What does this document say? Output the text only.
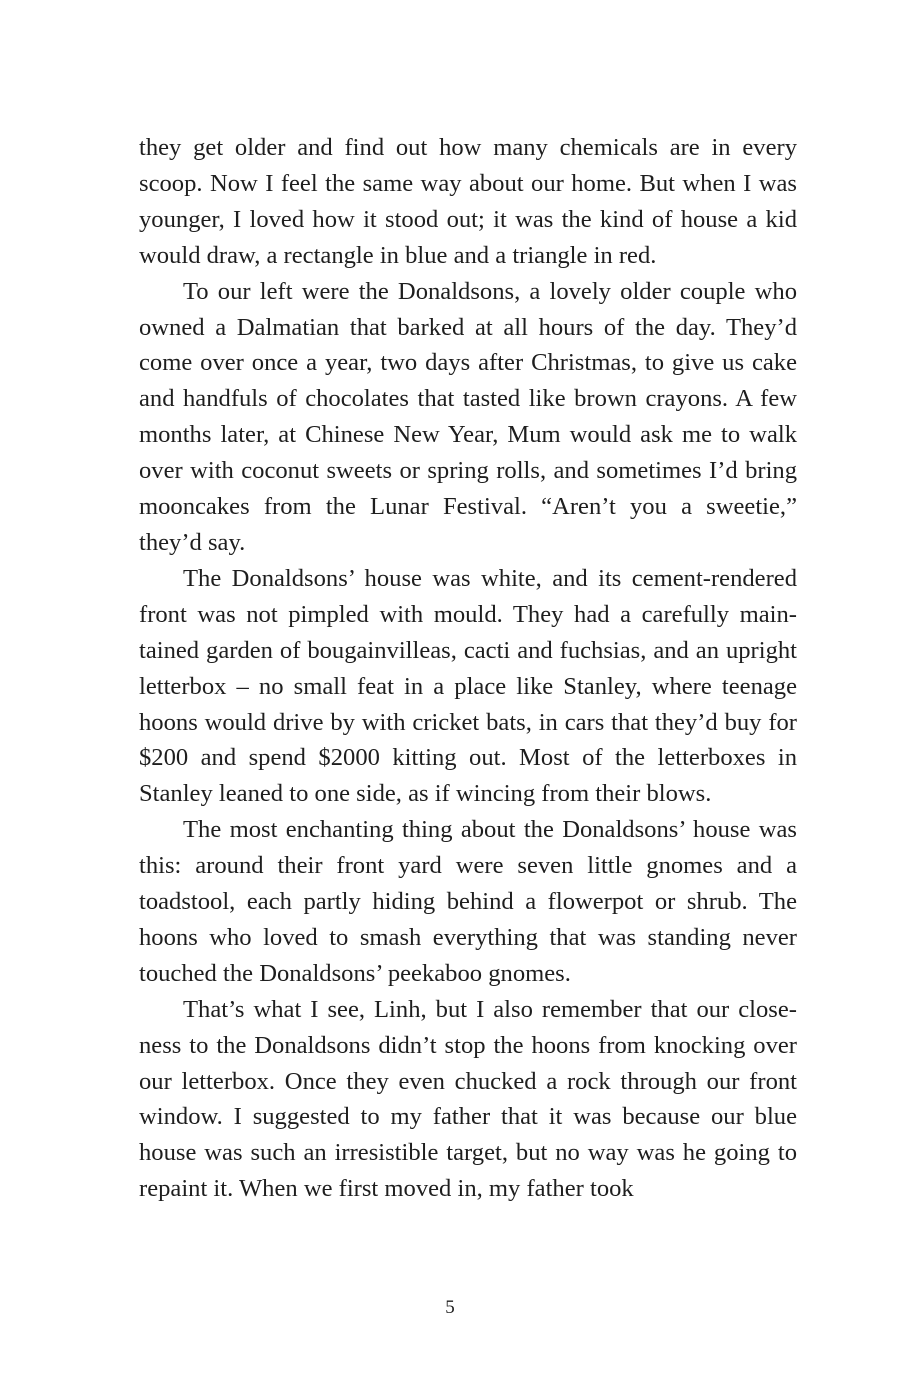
they get older and find out how many chemicals are in every scoop. Now I feel the same way about our home. But when I was younger, I loved how it stood out; it was the kind of house a kid would draw, a rectangle in blue and a triangle in red.

To our left were the Donaldsons, a lovely older couple who owned a Dalmatian that barked at all hours of the day. They’d come over once a year, two days after Christmas, to give us cake and handfuls of chocolates that tasted like brown crayons. A few months later, at Chinese New Year, Mum would ask me to walk over with coconut sweets or spring rolls, and sometimes I’d bring mooncakes from the Lunar Festival. “Aren’t you a sweetie,” they’d say.

The Donaldsons’ house was white, and its cement-rendered front was not pimpled with mould. They had a carefully maintained garden of bougainvilleas, cacti and fuchsias, and an upright letterbox – no small feat in a place like Stanley, where teenage hoons would drive by with cricket bats, in cars that they’d buy for $200 and spend $2000 kitting out. Most of the letterboxes in Stanley leaned to one side, as if wincing from their blows.

The most enchanting thing about the Donaldsons’ house was this: around their front yard were seven little gnomes and a toadstool, each partly hiding behind a flowerpot or shrub. The hoons who loved to smash everything that was standing never touched the Donaldsons’ peekaboo gnomes.

That’s what I see, Linh, but I also remember that our closeness to the Donaldsons didn’t stop the hoons from knocking over our letterbox. Once they even chucked a rock through our front window. I suggested to my father that it was because our blue house was such an irresistible target, but no way was he going to repaint it. When we first moved in, my father took

5
